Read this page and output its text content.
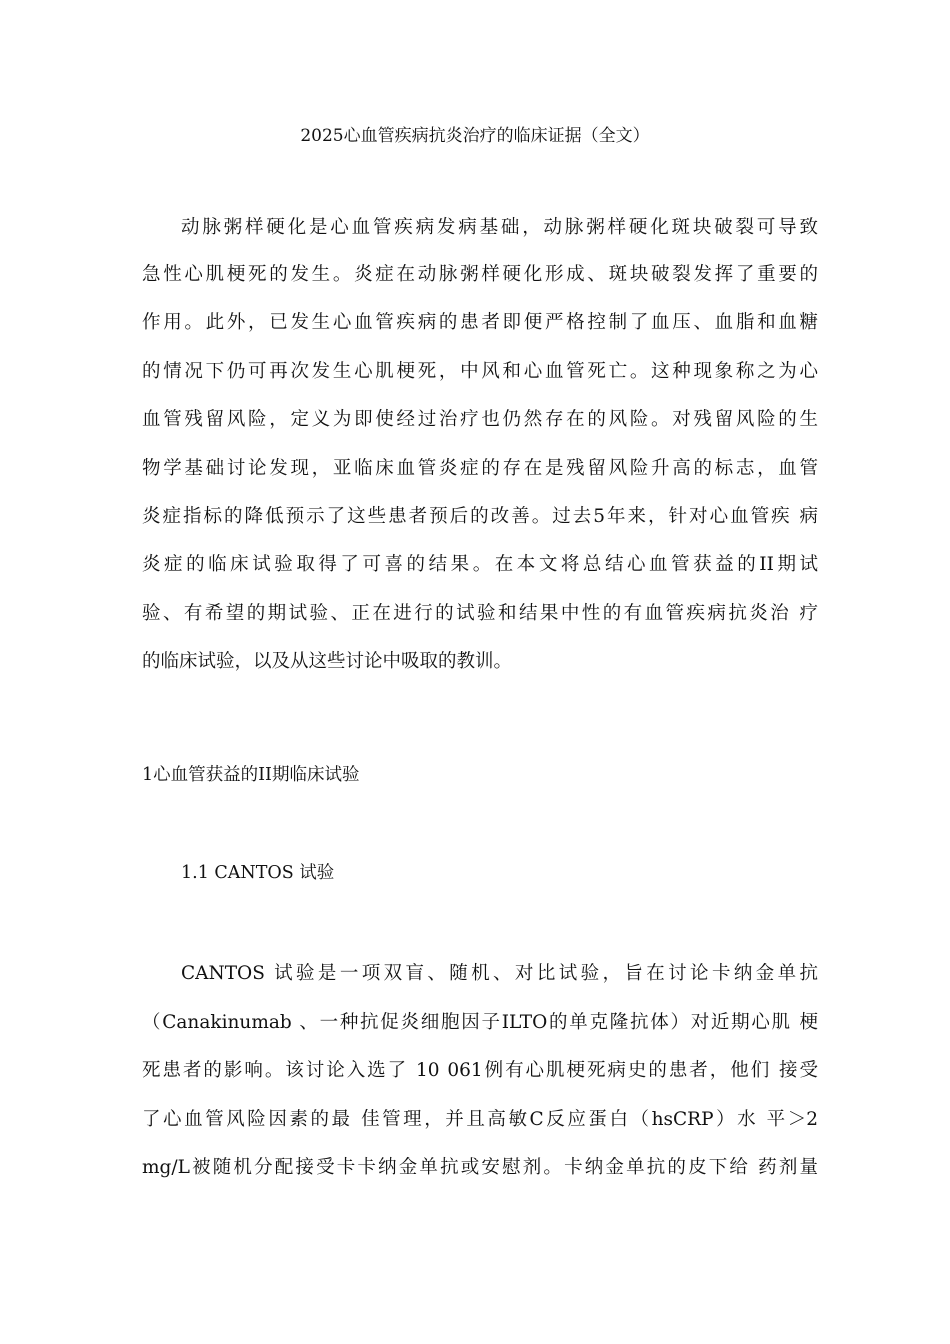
2025心血管疾病抗炎治疗的临床证据（全文）
动脉粥样硬化是心血管疾病发病基础，动脉粥样硬化斑块破裂可导致
急性心肌梗死的发生。炎症在动脉粥样硬化形成、斑块破裂发挥了重要的
作用。此外，已发生心血管疾病的患者即便严格控制了血压、血脂和血糖
的情况下仍可再次发生心肌梗死，中风和心血管死亡。这种现象称之为心
血管残留风险，定义为即使经过治疗也仍然存在的风险。对残留风险的生
物学基础讨论发现，亚临床血管炎症的存在是残留风险升高的标志，血管
炎症指标的降低预示了这些患者预后的改善。过去5年来，针对心血管疾 病
炎症的临床试验取得了可喜的结果。在本文将总结心血管获益的II期试
验、有希望的期试验、正在进行的试验和结果中性的有血管疾病抗炎治 疗
的临床试验，以及从这些讨论中吸取的教训。
1心血管获益的II期临床试验
1.1 CANTOS 试验
CANTOS 试验是一项双盲、随机、对比试验，旨在讨论卡纳金单抗
（Canakinumab 、一种抗促炎细胞因子ILTO的单克隆抗体）对近期心肌 梗
死患者的影响。该讨论入选了 10 061例有心肌梗死病史的患者，他们 接受
了心血管风险因素的最 佳管理，并且高敏C反应蛋白（hsCRP）水 平＞2
mg/L被随机分配接受卡卡纳金单抗或安慰剂。卡纳金单抗的皮下给 药剂量
